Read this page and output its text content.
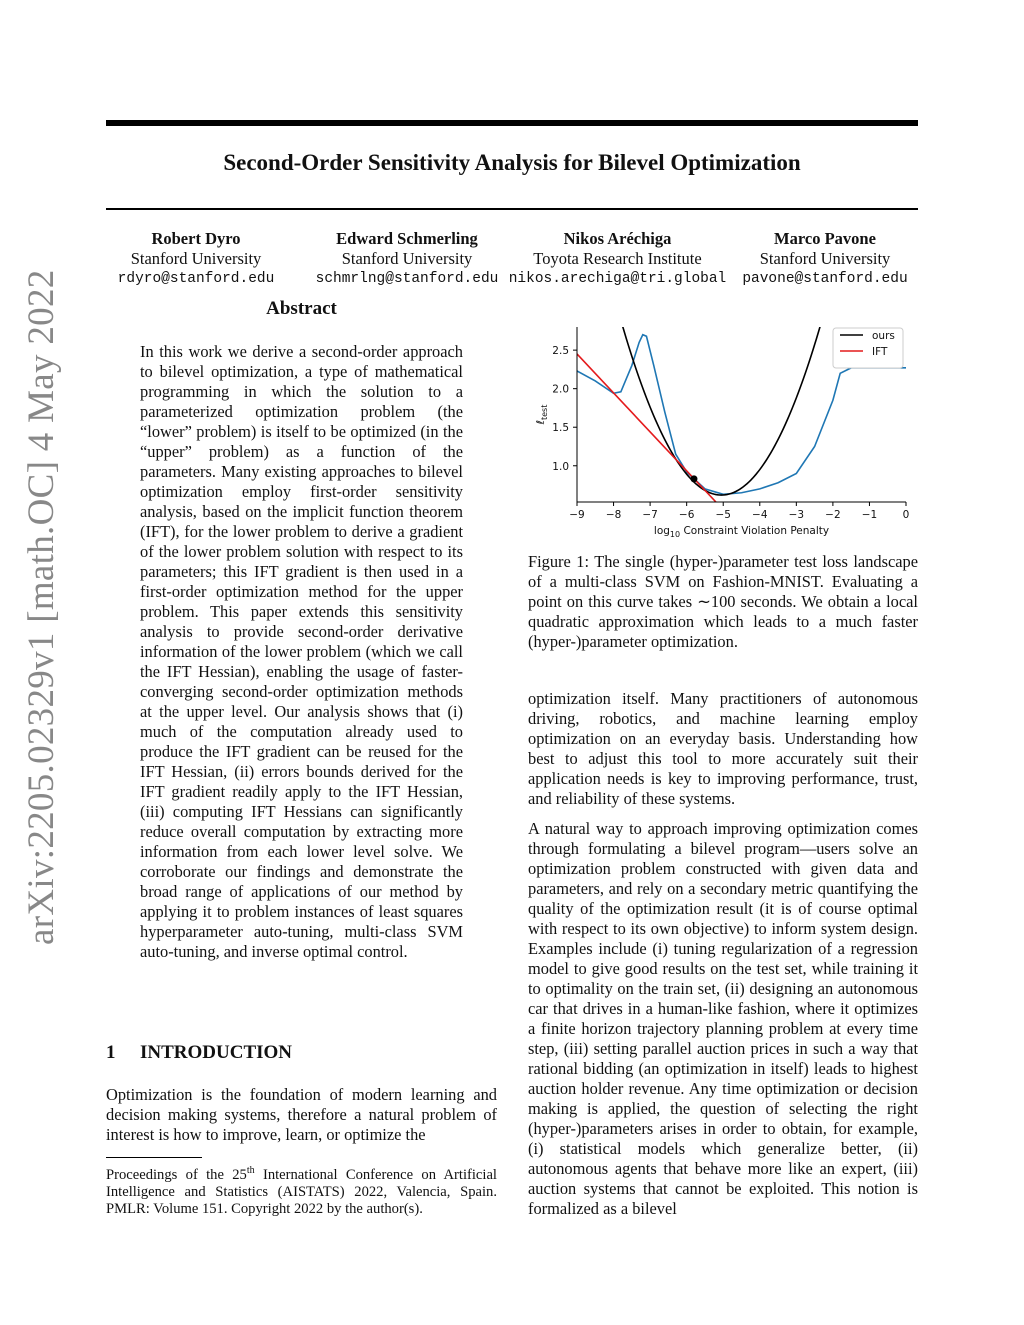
Second-Order Sensitivity Analysis for Bilevel Optimization
Robert Dyro
Stanford University
rdyro@stanford.edu
Edward Schmerling
Stanford University
schmrlng@stanford.edu
Nikos Aréchiga
Toyota Research Institute
nikos.arechiga@tri.global
Marco Pavone
Stanford University
pavone@stanford.edu
arXiv:2205.02329v1 [math.OC] 4 May 2022	Abstract

In this work we derive a second-order approach to bilevel optimization, a type of mathematical programming in which the solution to a parameterized optimization problem (the “lower” problem) is itself to be optimized (in the “upper” problem) as a function of the parameters. Many existing approaches to bilevel optimization employ first-order sensitivity analysis, based on the implicit function theorem (IFT), for the lower problem to derive a gradient of the lower problem solution with respect to its parameters; this IFT gradient is then used in a first-order optimization method for the upper problem. This paper extends this sensitivity analysis to provide second-order derivative information of the lower problem (which we call the IFT Hessian), enabling the usage of faster-converging second-order optimization methods at the upper level. Our analysis shows that (i) much of the computation already used to produce the IFT gradient can be reused for the IFT Hessian, (ii) errors bounds derived for the IFT gradient readily apply to the IFT Hessian, (iii) computing IFT Hessians can significantly reduce overall computation by extracting more information from each lower level solve. We corroborate our findings and demonstrate the broad range of applications of our method by applying it to problem instances of least squares hyperparameter auto-tuning, multi-class SVM auto-tuning, and inverse optimal control.

1 INTRODUCTION

Optimization is the foundation of modern learning and decision making systems, therefore a natural problem of interest is how to improve, learn, or optimize the

Proceedings of the 25th International Conference on Artificial Intelligence and Statistics (AISTATS) 2022, Valencia, Spain. PMLR: Volume 151. Copyright 2022 by the author(s).
−9 −8 −7 −6 −5 −4 −3 −2 −1 0
1.0
1.5
2.0
2.5
$\log_{10}$ Constraint Violation Penalty
ℓ$_{test}$
ours
IFT

Figure 1: The single (hyper-)parameter test loss landscape of a multi-class SVM on Fashion-MNIST. Evaluating a point on this curve takes ∼100 seconds. We obtain a local quadratic approximation which leads to a much faster (hyper-)parameter optimization.

optimization itself. Many practitioners of autonomous driving, robotics, and machine learning employ optimization on an everyday basis. Understanding how best to adjust this tool to more accurately suit their application needs is key to improving performance, trust, and reliability of these systems.

A natural way to approach improving optimization comes through formulating a bilevel program—users solve an optimization problem constructed with given data and parameters, and rely on a secondary metric quantifying the quality of the optimization result (it is of course optimal with respect to its own objective) to inform system design. Examples include (i) tuning regularization of a regression model to give good results on the test set, while training it to optimality on the train set, (ii) designing an autonomous car that drives in a human-like fashion, where it optimizes a finite horizon trajectory planning problem at every time step, (iii) setting parallel auction prices in such a way that rational bidding (an optimization in itself) leads to highest auction holder revenue. Any time optimization or decision making is applied, the question of selecting the right (hyper-)parameters arises in order to obtain, for example, (i) statistical models which generalize better, (ii) autonomous agents that behave more like an expert, (iii) auction systems that cannot be exploited. This notion is formalized as a bilevel
